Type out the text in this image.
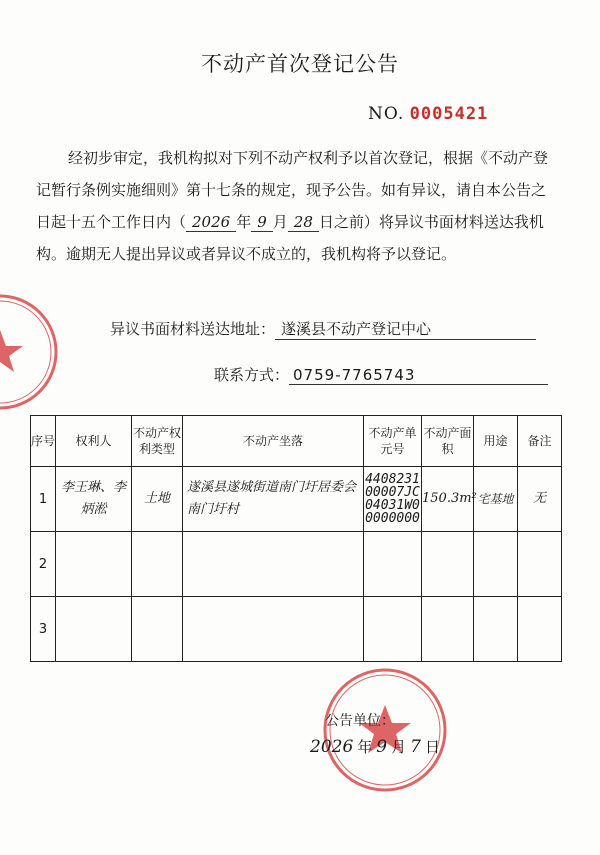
不动产首次登记公告
NO. 0005421
经初步审定，我机构拟对下列不动产权利予以首次登记，根据《不动产登记暂行条例实施细则》第十七条的规定，现予公告。如有异议，请自本公告之日起十五个工作日内（ 2026 年 9 月 28 日之前）将异议书面材料送达我机构。逾期无人提出异议或者异议不成立的，我机构将予以登记。
异议书面材料送达地址： 遂溪县不动产登记中心
联系方式： 0759-7765743
序号	权利人	不动产权利类型	不动产坐落	不动产单元号	不动产面积	用途	备注
1	李王琳、李炳淞	土地	遂溪县遂城街道南门圩居委会南门圩村	440823100007JC04031W00000000	150.3m²	宅基地	无
2							
3							
公告单位：
2026 年 9 月 7 日
